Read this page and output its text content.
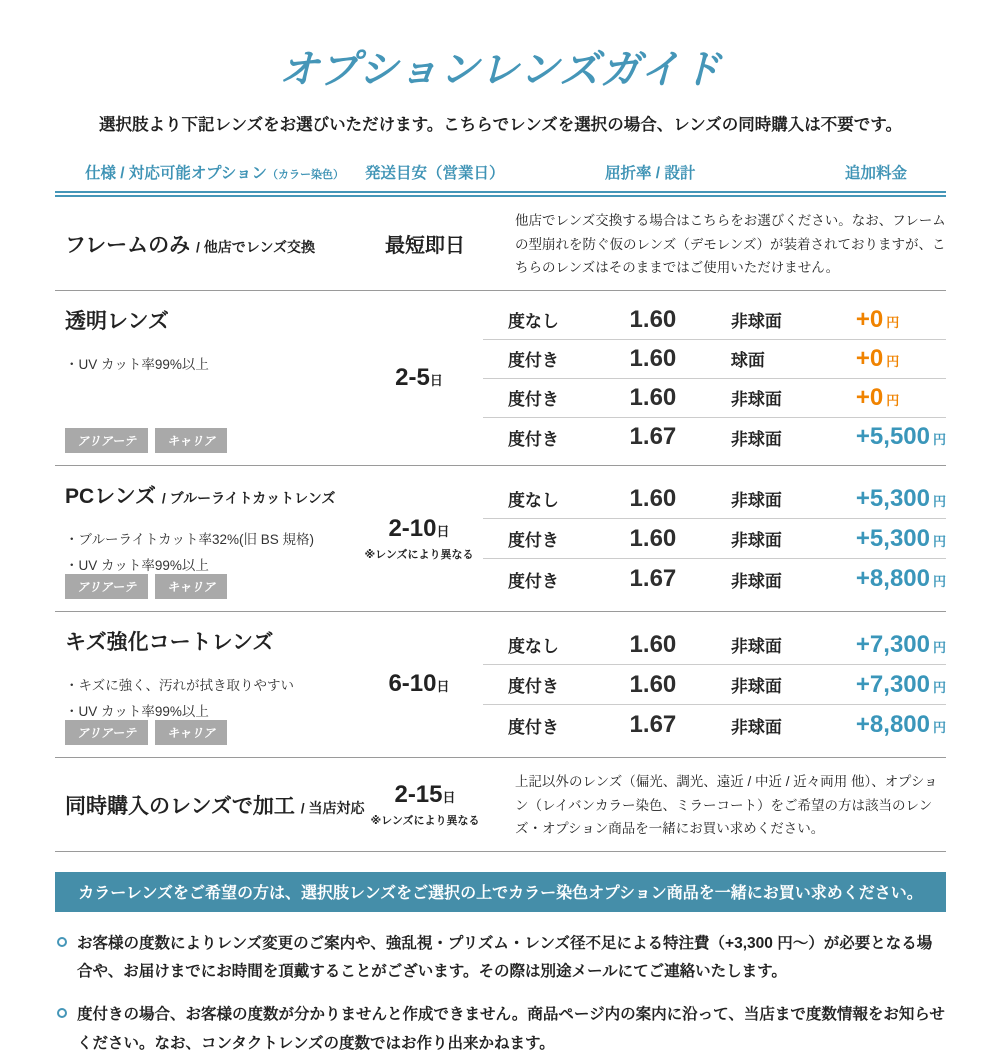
オプションレンズガイド
選択肢より下記レンズをお選びいただけます。こちらでレンズを選択の場合、レンズの同時購入は不要です。
仕様 / 対応可能オプション（カラー染色） 発送目安（営業日）	屈折率 / 設計	追加料金
フレームのみ / 他店でレンズ交換	最短即日

他店でレンズ交換する場合はこちらをお選びください。なお、フレームの型崩れを防ぐ仮のレンズ（デモレンズ）が装着されておりますが、こちらのレンズはそのままではご使用いただけません。

透明レンズ
・UV カット率99%以上
アリアーテ	キャリア
2-5日
度なし	1.60	非球面	+0 円
度付き	1.60	球面	+0 円
度付き	1.60	非球面	+0 円
度付き	1.67	非球面	+5,500 円
PCレンズ / ブルーライトカットレンズ
・ブルーライトカット率32%(旧 BS 規格)
・UV カット率99%以上
アリアーテ	キャリア
2-10日
※レンズにより異なる
度なし	1.60	非球面	+5,300 円
度付き	1.60	非球面	+5,300 円
度付き	1.67	非球面	+8,800 円
キズ強化コートレンズ
・キズに強く、汚れが拭き取りやすい
・UV カット率99%以上
アリアーテ	キャリア
6-10日
度なし	1.60	非球面	+7,300 円
度付き	1.60	非球面	+7,300 円
度付き	1.67	非球面	+8,800 円
同時購入のレンズで加工 / 当店対応
2-15日
※レンズにより異なる

上記以外のレンズ（偏光、調光、遠近 / 中近 / 近々両用 他）、オプション（レイバンカラー染色、ミラーコート）をご希望の方は該当のレンズ・オプション商品を一緒にお買い求めください。

カラーレンズをご希望の方は、選択肢レンズをご選択の上でカラー染色オプション商品を一緒にお買い求めください。
お客様の度数によりレンズ変更のご案内や、強乱視・プリズム・レンズ径不足による特注費（+3,300 円〜）が必要となる場合や、お届けまでにお時間を頂戴することがございます。その際は別途メールにてご連絡いたします。
度付きの場合、お客様の度数が分かりませんと作成できません。商品ページ内の案内に沿って、当店まで度数情報をお知らせください。なお、コンタクトレンズの度数ではお作り出来かねます。
